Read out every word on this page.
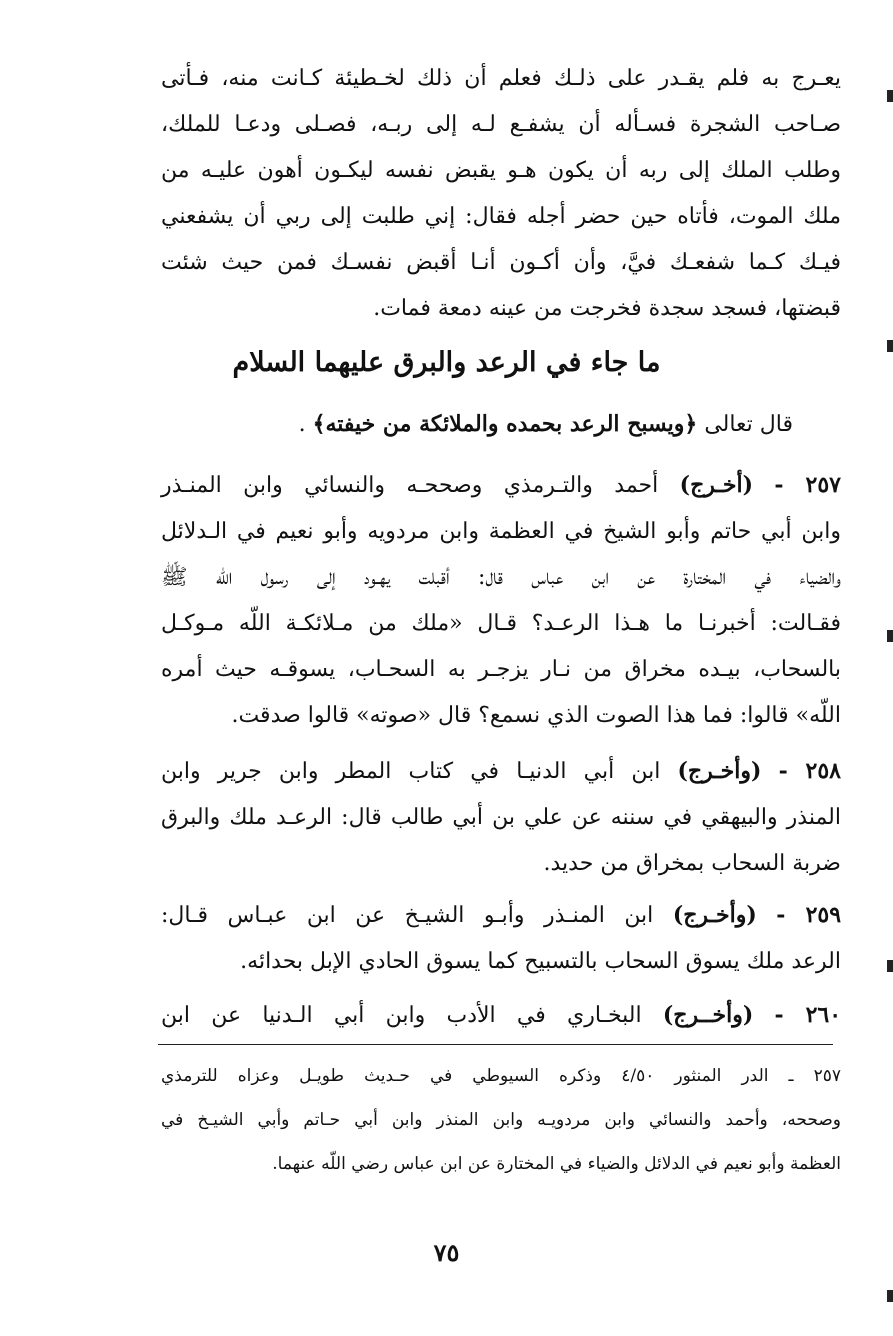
يعـرج به فلم يقـدر على ذلـك فعلم أن ذلك لخـطيئة كـانت منه، فـأتى
صـاحب الشجرة فسـأله أن يشفـع لـه إلى ربـه، فصـلى ودعـا للملك،
وطلب الملك إلى ربه أن يكون هـو يقبض نفسه ليكـون أهون عليـه من
ملك الموت، فأتاه حين حضر أجله فقال: إني طلبت إلى ربي أن يشفعني
فيـك كـما شفعـك فيَّ، وأن أكـون أنـا أقبض نفسـك فمن حيث شئت
قبضتها، فسجد سجدة فخرجت من عينه دمعة فمات.
ما جاء في الرعد والبرق عليهما السلام
قال تعالى ﴿ويسبح الرعد بحمده والملائكة من خيفته﴾ .
٢٥٧ - (أخـرج) أحمد والتـرمذي وصححـه والنسائي وابن المنـذر
وابن أبي حاتم وأبو الشيخ في العظمة وابن مردويه وأبو نعيم في الـدلائل
والضياء في المختارة عن ابن عباس قال: أقبلت يهـود إلى رسول اللّه ﷺ
فقـالت: أخبرنـا ما هـذا الرعـد؟ قـال «ملك من مـلائكـة اللّه مـوكـل
بالسحاب، بيـده مخراق من نـار يزجـر به السحـاب، يسوقـه حيث أمره
اللّه» قالوا: فما هذا الصوت الذي نسمع؟ قال «صوته» قالوا صدقت.
٢٥٨ - (وأخـرج) ابن أبي الدنيـا في كتاب المطر وابن جرير وابن
المنذر والبيهقي في سننه عن علي بن أبي طالب قال: الرعـد ملك والبرق
ضربة السحاب بمخراق من حديد.
٢٥٩ - (وأخـرج) ابن المنـذر وأبـو الشيـخ عن ابن عبـاس قـال:
الرعد ملك يسوق السحاب بالتسبيح كما يسوق الحادي الإبل بحدائه.
٢٦٠ - (وأخــرج) البخـاري في الأدب وابن أبي الـدنيا عن ابن
٢٥٧ ـ الدر المنثور ٤/٥٠ وذكره السيوطي في حـديث طويـل وعزاه للترمذي
وصححه، وأحمد والنسائي وابن مردويـه وابن المنذر وابن أبي حـاتم وأبي الشيـخ في
العظمة وأبو نعيم في الدلائل والضياء في المختارة عن ابن عباس رضي اللّه عنهما.
٧٥
